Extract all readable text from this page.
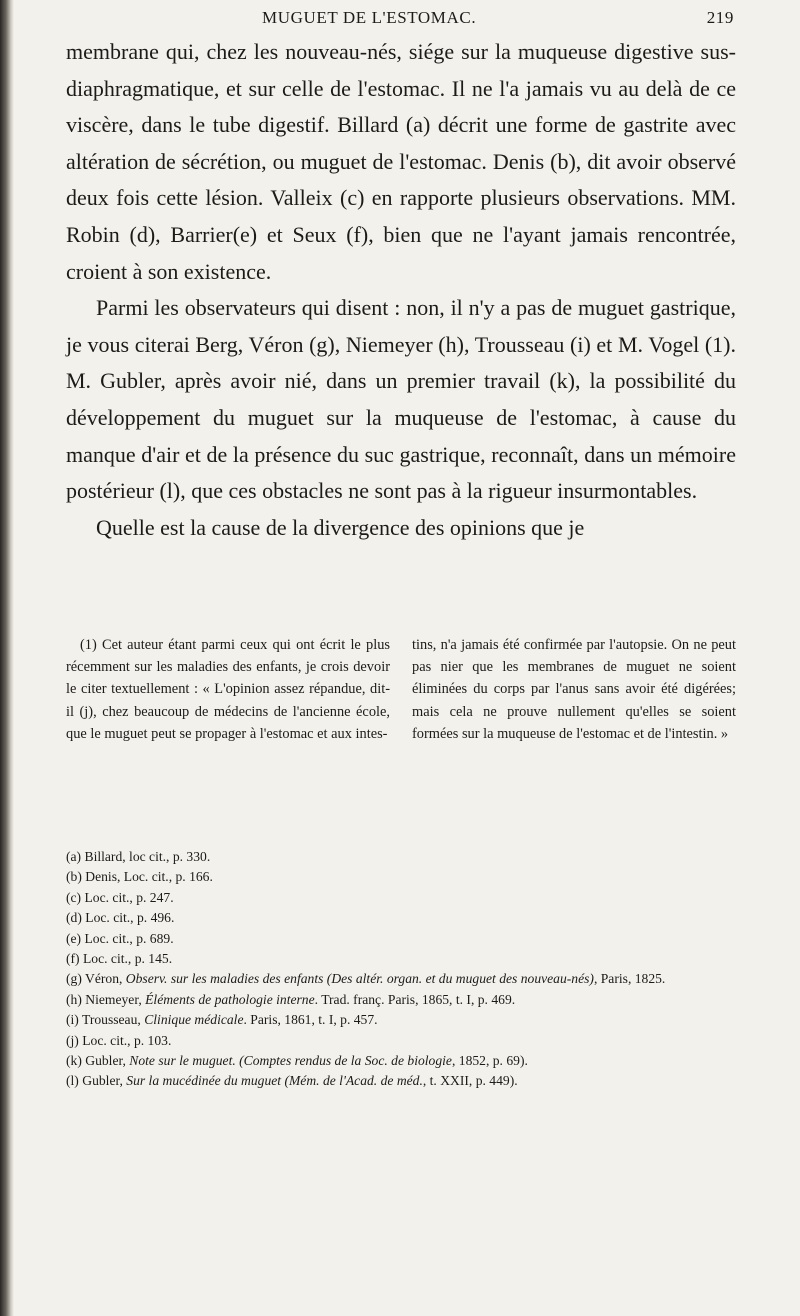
MUGUET DE L'ESTOMAC.	219

membrane qui, chez les nouveau-nés, siége sur la muqueuse digestive sus-diaphragmatique, et sur celle de l'estomac. Il ne l'a jamais vu au delà de ce viscère, dans le tube digestif. Billard (a) décrit une forme de gastrite avec altération de sécrétion, ou muguet de l'estomac. Denis (b), dit avoir observé deux fois cette lésion. Valleix (c) en rapporte plusieurs observations. MM. Robin (d), Barrier(e) et Seux (f), bien que ne l'ayant jamais rencontrée, croient à son existence.

Parmi les observateurs qui disent : non, il n'y a pas de muguet gastrique, je vous citerai Berg, Véron (g), Niemeyer (h), Trousseau (i) et M. Vogel (1). M. Gubler, après avoir nié, dans un premier travail (k), la possibilité du développement du muguet sur la muqueuse de l'estomac, à cause du manque d'air et de la présence du suc gastrique, reconnaît, dans un mémoire postérieur (l), que ces obstacles ne sont pas à la rigueur insurmontables.

Quelle est la cause de la divergence des opinions que je

(1) Cet auteur étant parmi ceux qui ont écrit le plus récemment sur les maladies des enfants, je crois devoir le citer textuellement : « L'opinion assez répandue, dit-il (j), chez beaucoup de médecins de l'ancienne école, que le muguet peut se propager à l'estomac et aux intes-

tins, n'a jamais été confirmée par l'autopsie. On ne peut pas nier que les membranes de muguet ne soient éliminées du corps par l'anus sans avoir été digérées; mais cela ne prouve nullement qu'elles se soient formées sur la muqueuse de l'estomac et de l'intestin. »

(a) Billard, loc cit., p. 330.
(b) Denis, Loc. cit., p. 166.
(c) Loc. cit., p. 247.
(d) Loc. cit., p. 496.
(e) Loc. cit., p. 689.
(f) Loc. cit., p. 145.
(g) Véron, Observ. sur les maladies des enfants (Des altér. organ. et du muguet des nouveau-nés), Paris, 1825.
(h) Niemeyer, Éléments de pathologie interne. Trad. franç. Paris, 1865, t. I, p. 469.
(i) Trousseau, Clinique médicale. Paris, 1861, t. I, p. 457.
(j) Loc. cit., p. 103.
(k) Gubler, Note sur le muguet. (Comptes rendus de la Soc. de biologie, 1852, p. 69).
(l) Gubler, Sur la mucédinée du muguet (Mém. de l'Acad. de méd., t. XXII, p. 449).
